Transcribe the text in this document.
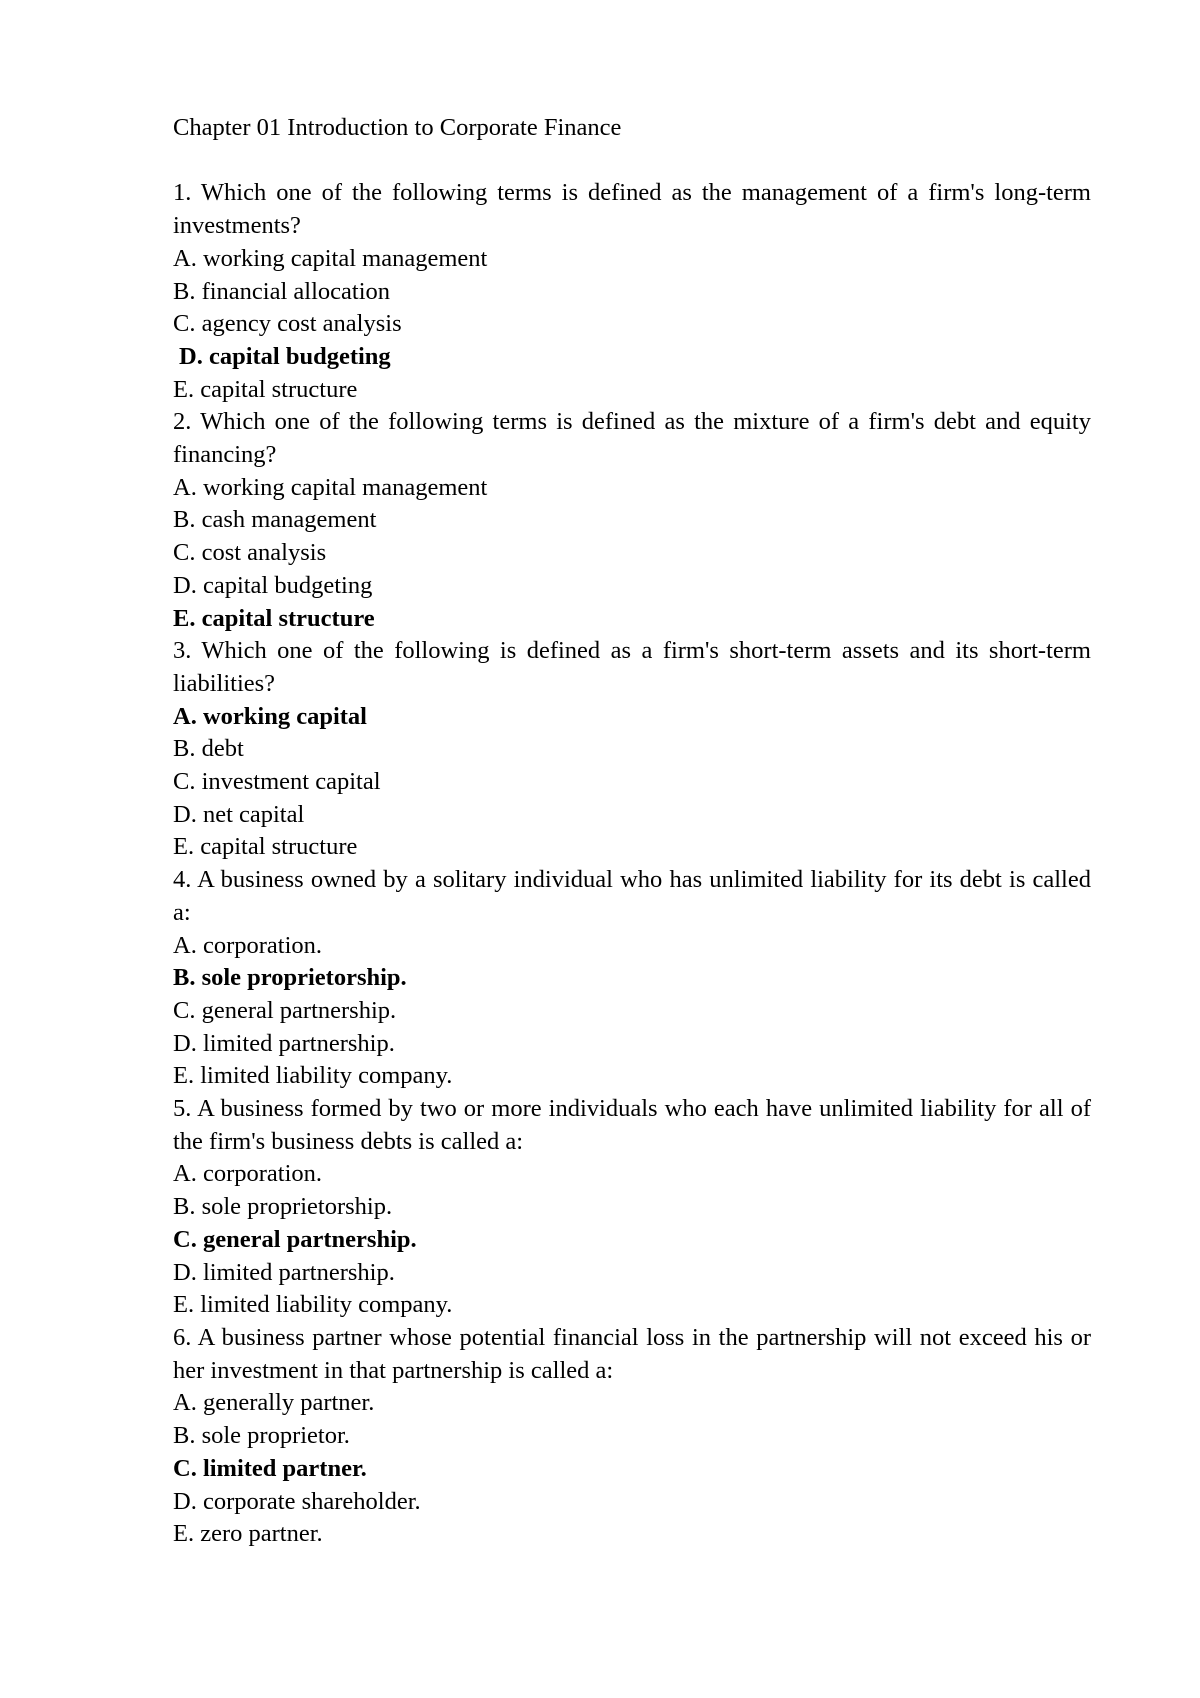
Chapter 01 Introduction to Corporate Finance

1. Which one of the following terms is defined as the management of a firm's long-term investments?

A. working capital management

B. financial allocation

C. agency cost analysis

D. capital budgeting

E. capital structure

2. Which one of the following terms is defined as the mixture of a firm's debt and equity financing?

A. working capital management

B. cash management

C. cost analysis

D. capital budgeting

E. capital structure

3. Which one of the following is defined as a firm's short-term assets and its short-term liabilities?

A. working capital

B. debt

C. investment capital

D. net capital

E. capital structure

4. A business owned by a solitary individual who has unlimited liability for its debt is called a:

A. corporation.

B. sole proprietorship.

C. general partnership.

D. limited partnership.

E. limited liability company.

5. A business formed by two or more individuals who each have unlimited liability for all of the firm's business debts is called a:

A. corporation.

B. sole proprietorship.

C. general partnership.

D. limited partnership.

E. limited liability company.

6. A business partner whose potential financial loss in the partnership will not exceed his or her investment in that partnership is called a:

A. generally partner.

B. sole proprietor.

C. limited partner.

D. corporate shareholder.

E. zero partner.
